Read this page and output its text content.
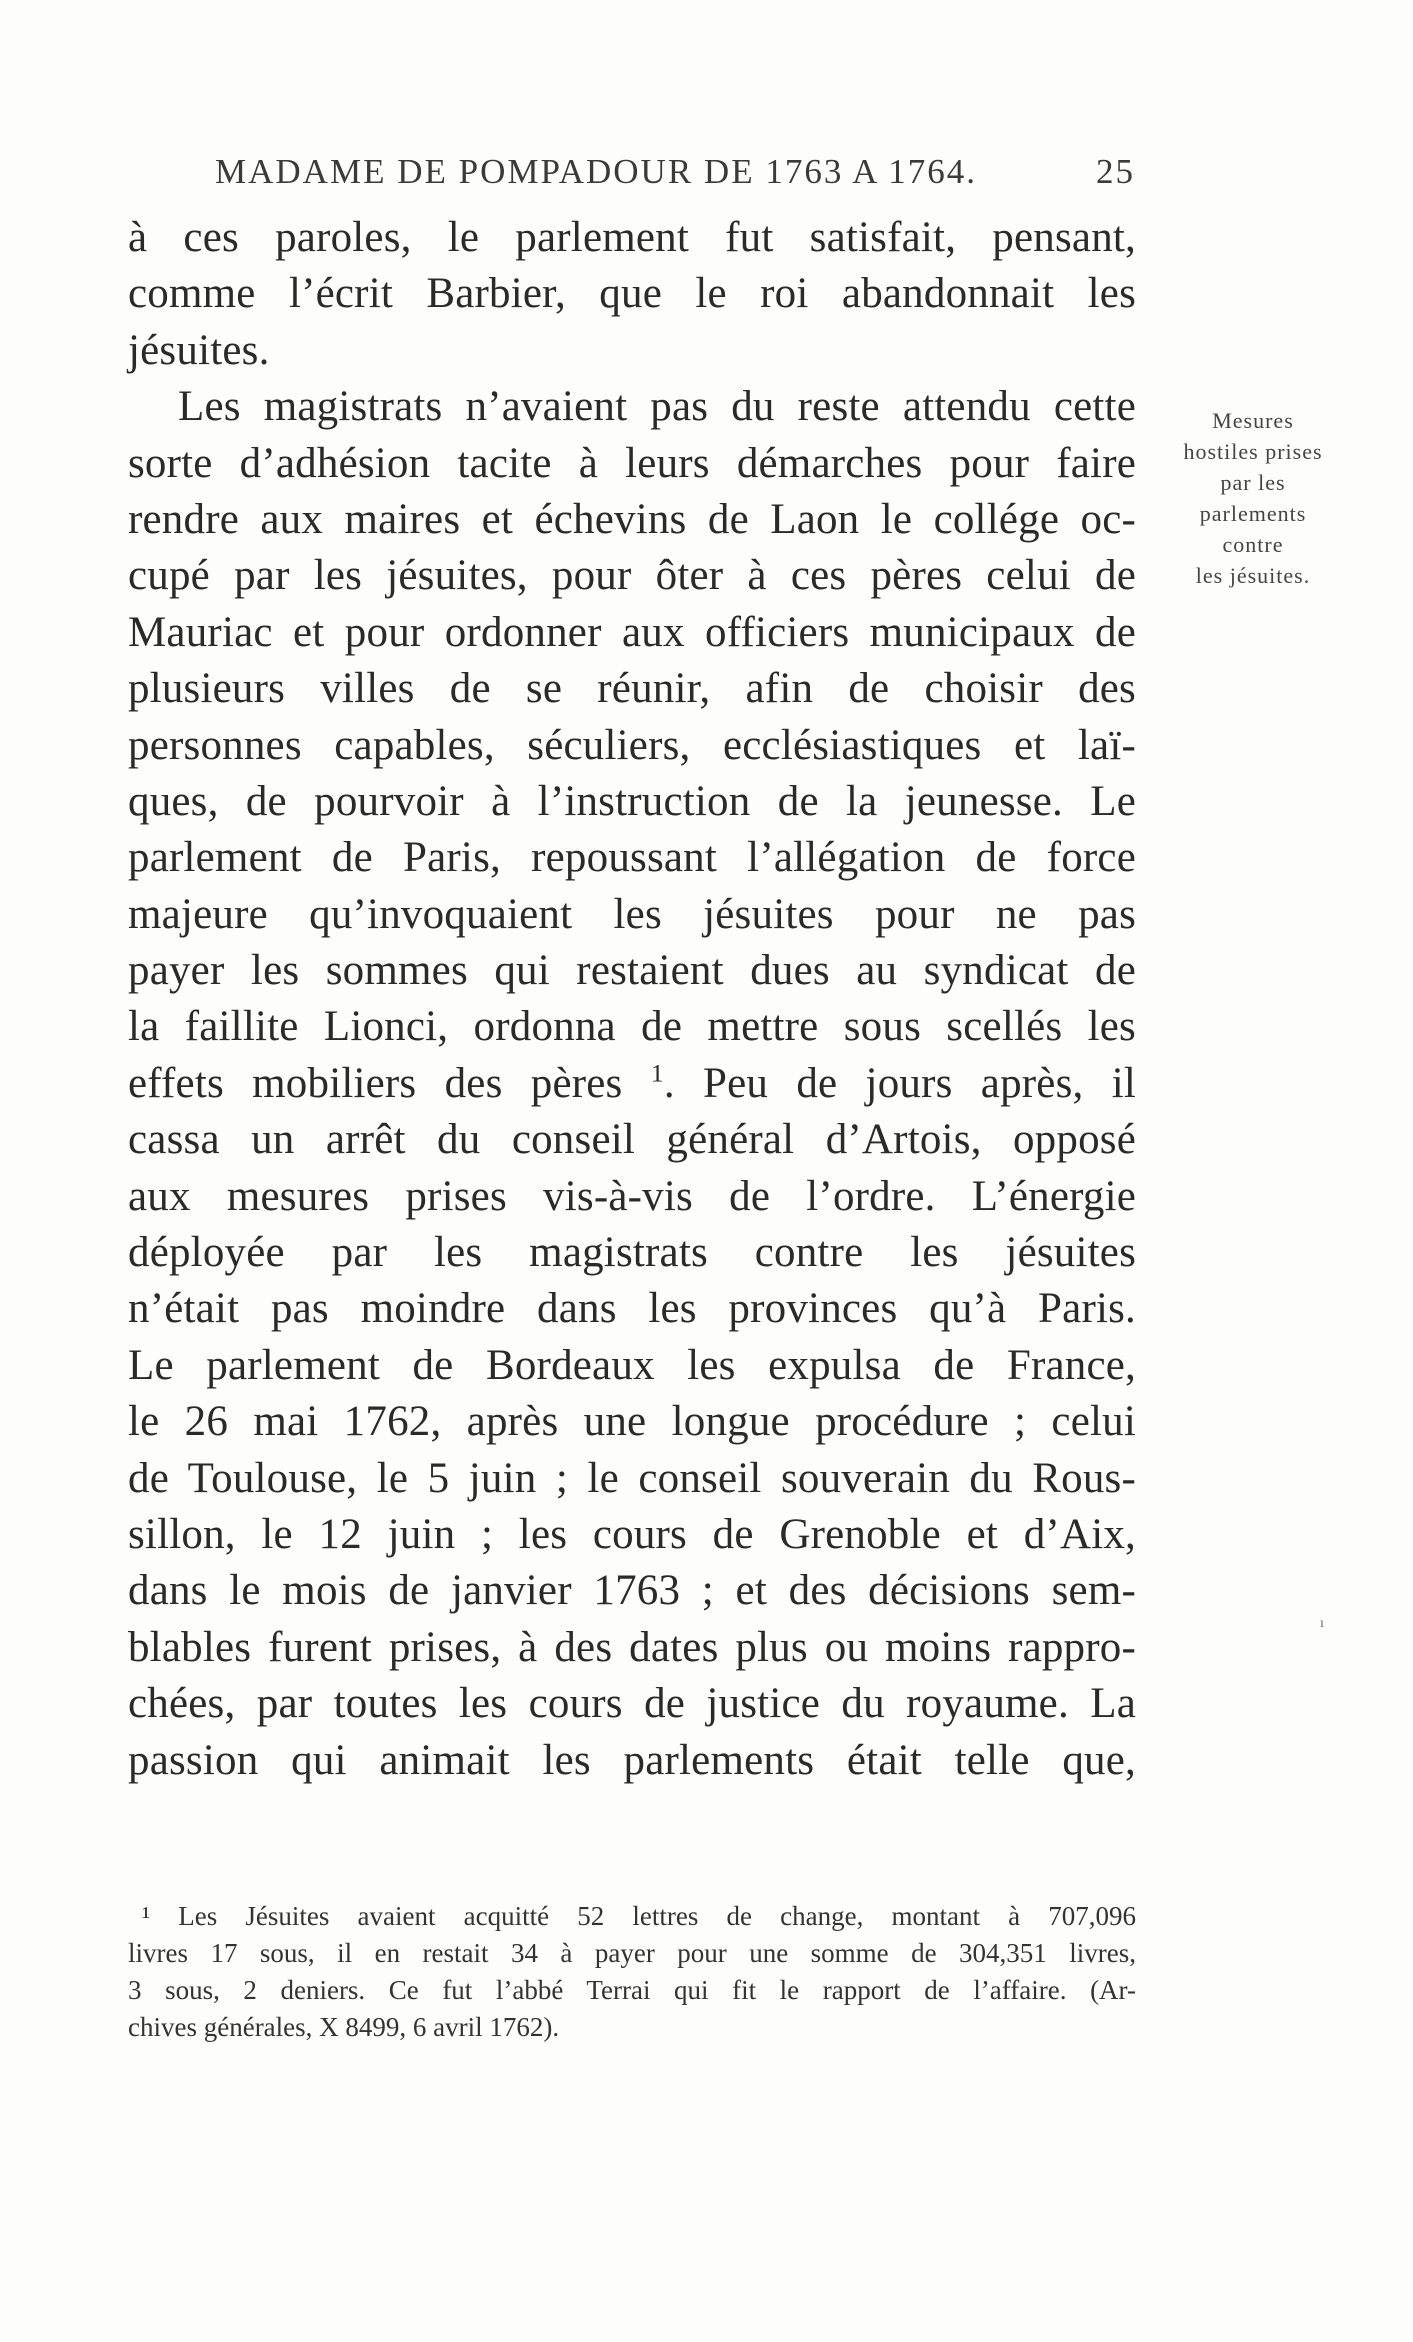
MADAME DE POMPADOUR DE 1763 A 1764.	25
à ces paroles, le parlement fut satisfait, pensant,
comme l’écrit Barbier, que le roi abandonnait les
jésuites.
Les magistrats n’avaient pas du reste attendu cette
sorte d’adhésion tacite à leurs démarches pour faire
rendre aux maires et échevins de Laon le collége oc-
cupé par les jésuites, pour ôter à ces pères celui de
Mauriac et pour ordonner aux officiers municipaux de
plusieurs villes de se réunir, afin de choisir des
personnes capables, séculiers, ecclésiastiques et laï-
ques, de pourvoir à l’instruction de la jeunesse. Le
parlement de Paris, repoussant l’allégation de force
majeure qu’invoquaient les jésuites pour ne pas
payer les sommes qui restaient dues au syndicat de
la faillite Lionci, ordonna de mettre sous scellés les
effets mobiliers des pères $^1$. Peu de jours après, il
cassa un arrêt du conseil général d’Artois, opposé
aux mesures prises vis-à-vis de l’ordre. L’énergie
déployée par les magistrats contre les jésuites
n’était pas moindre dans les provinces qu’à Paris.
Le parlement de Bordeaux les expulsa de France,
le 26 mai 1762, après une longue procédure ; celui
de Toulouse, le 5 juin ; le conseil souverain du Rous-
sillon, le 12 juin ; les cours de Grenoble et d’Aix,
dans le mois de janvier 1763 ; et des décisions sem-
blables furent prises, à des dates plus ou moins rappro-
chées, par toutes les cours de justice du royaume. La
passion qui animait les parlements était telle que,
Mesures
hostiles prises
par les
parlements
contre
les jésuites.
ı
¹ Les Jésuites avaient acquitté 52 lettres de change, montant à 707,096
livres 17 sous, il en restait 34 à payer pour une somme de 304,351 livres,
3 sous, 2 deniers. Ce fut l’abbé Terrai qui fit le rapport de l’affaire. (Ar-
chives générales, X 8499, 6 avril 1762).
